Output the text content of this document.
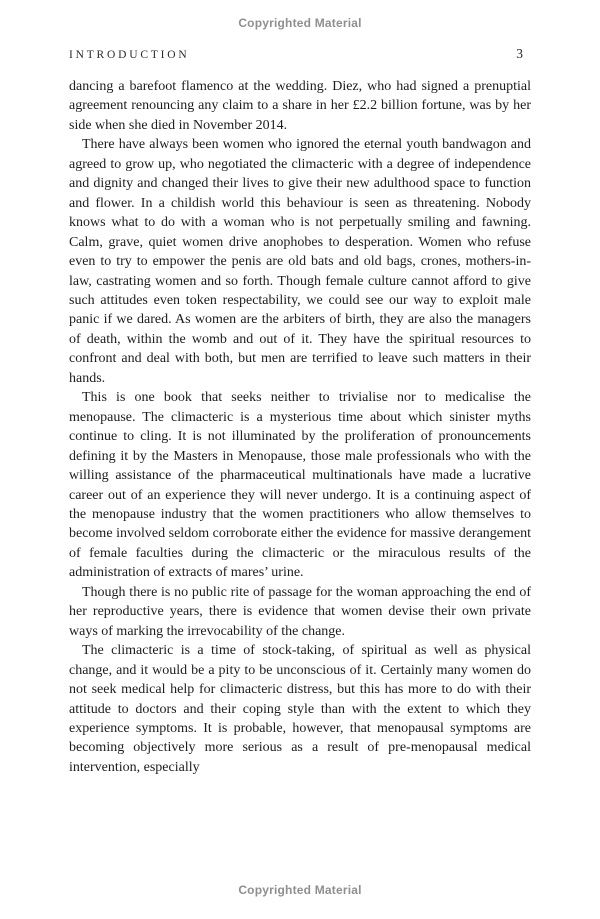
Copyrighted Material
INTRODUCTION	3

dancing a barefoot flamenco at the wedding. Diez, who had signed a prenuptial agreement renouncing any claim to a share in her £2.2 billion fortune, was by her side when she died in November 2014.

There have always been women who ignored the eternal youth bandwagon and agreed to grow up, who negotiated the climacteric with a degree of independence and dignity and changed their lives to give their new adulthood space to function and flower. In a childish world this behaviour is seen as threatening. Nobody knows what to do with a woman who is not perpetually smiling and fawning. Calm, grave, quiet women drive anophobes to desperation. Women who refuse even to try to empower the penis are old bats and old bags, crones, mothers-in-law, castrating women and so forth. Though female culture cannot afford to give such attitudes even token respectability, we could see our way to exploit male panic if we dared. As women are the arbiters of birth, they are also the managers of death, within the womb and out of it. They have the spiritual resources to confront and deal with both, but men are terrified to leave such matters in their hands.

This is one book that seeks neither to trivialise nor to medicalise the menopause. The climacteric is a mysterious time about which sinister myths continue to cling. It is not illuminated by the proliferation of pronouncements defining it by the Masters in Menopause, those male professionals who with the willing assistance of the pharmaceutical multinationals have made a lucrative career out of an experience they will never undergo. It is a continuing aspect of the menopause industry that the women practitioners who allow themselves to become involved seldom corroborate either the evidence for massive derangement of female faculties during the climacteric or the miraculous results of the administration of extracts of mares’ urine.

Though there is no public rite of passage for the woman approaching the end of her reproductive years, there is evidence that women devise their own private ways of marking the irrevocability of the change.

The climacteric is a time of stock-taking, of spiritual as well as physical change, and it would be a pity to be unconscious of it. Certainly many women do not seek medical help for climacteric distress, but this has more to do with their attitude to doctors and their coping style than with the extent to which they experience symptoms. It is probable, however, that menopausal symptoms are becoming objectively more serious as a result of pre-menopausal medical intervention, especially

Copyrighted Material
